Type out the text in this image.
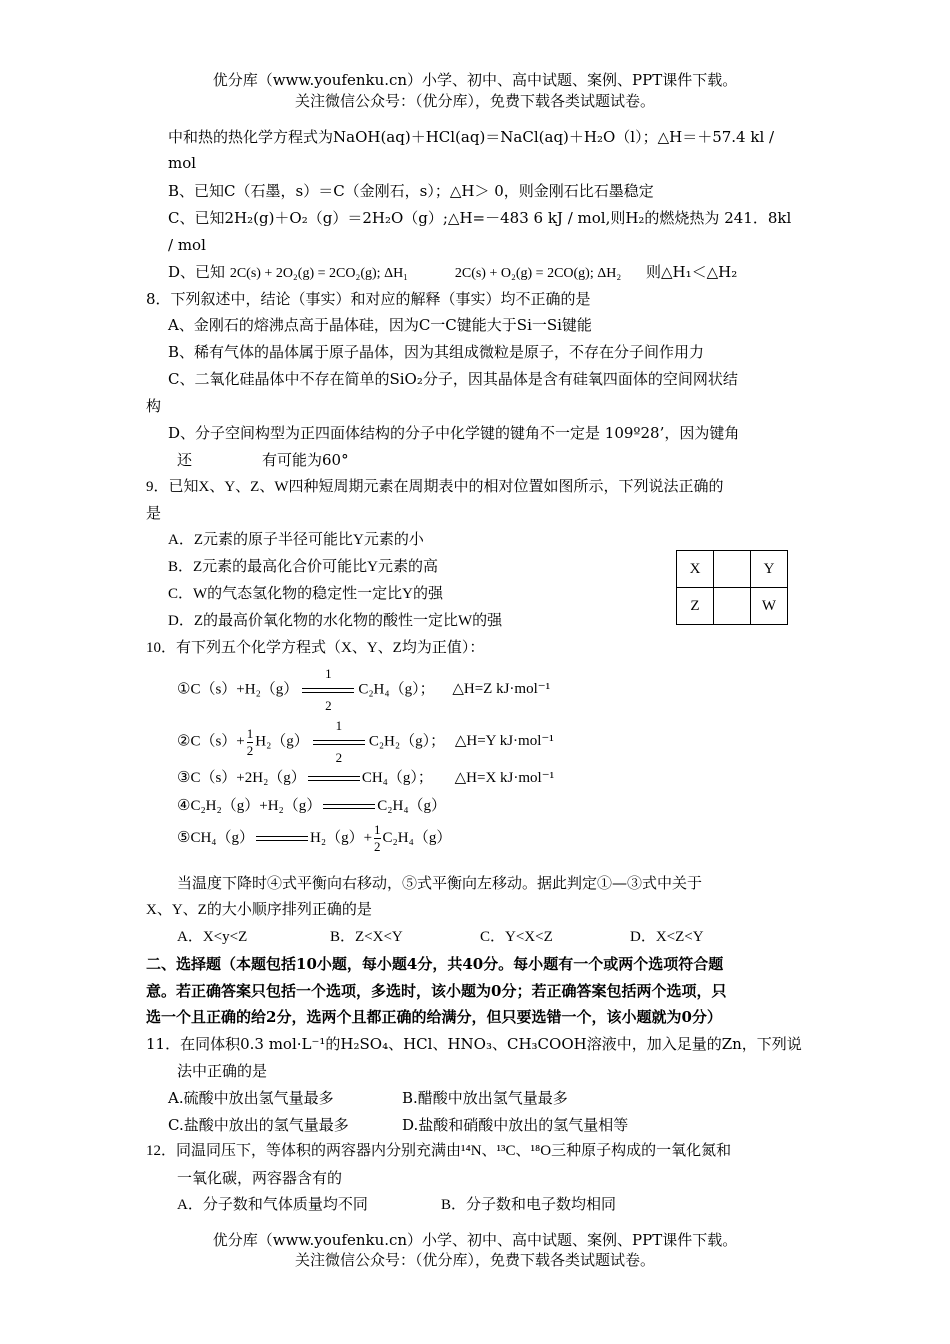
优分库（www.youfenku.cn）小学、初中、高中试题、案例、PPT课件下载。
关注微信公众号：（优分库），免费下载各类试题试卷。
中和热的热化学方程式为NaOH(aq)＋HCl(aq)＝NaCl(aq)＋H₂O（l）；△H＝＋57.4 kl /
mol
B、已知C（石墨，s）＝C（金刚石，s）；△H＞ 0，则金刚石比石墨稳定
C、已知2H₂(g)＋O₂（g）＝2H₂O（g）;△H=－483 6 kJ / mol,则H₂的燃烧热为 241．8kl
/ mol
D、已知 2C(s) + 2O₂(g) = 2CO₂(g); ΔH₁	2C(s) + O₂(g) = 2CO(g); ΔH₂ 则△H₁＜△H₂
8．下列叙述中，结论（事实）和对应的解释（事实）均不正确的是
A、金刚石的熔沸点高于晶体硅，因为C一C键能大于Si一Si键能
B、稀有气体的晶体属于原子晶体，因为其组成微粒是原子，不存在分子间作用力
C、二氧化硅晶体中不存在简单的SiO₂分子，因其晶体是含有硅氧四面体的空间网状结
构
D、分子空间构型为正四面体结构的分子中化学键的键角不一定是 109º28’，因为键角
还	有可能为60°
9．已知X、Y、Z、W四种短周期元素在周期表中的相对位置如图所示，下列说法正确的
是
A．Z元素的原子半径可能比Y元素的小
B．Z元素的最高化合价可能比Y元素的高
C．W的气态氢化物的稳定性一定比Y的强
D．Z的最高价氧化物的水化物的酸性一定比W的强
X		Y
Z		W
10．有下列五个化学方程式（X、Y、Z均为正值）：
①C（s）+H₂（g）
1
2
C₂H₄（g）； △H=Z kJ·mol⁻¹
②C（s）+ $\frac{1}{2} H_2(g)$
1
2
C₂H₂（g）； △H=Y kJ·mol⁻¹
③C（s）+2H₂（g）	CH₄（g）； △H=X kJ·mol⁻¹
④C₂H₂（g）+H₂（g）	C₂H₄（g）
⑤CH₄（g）	$H_2(g)+ \frac{1}{2} C_2H_4(g)$
当温度下降时④式平衡向右移动，⑤式平衡向左移动。据此判定①—③式中关于
X、Y、Z的大小顺序排列正确的是
A．X<y<Z	B．Z<X<Y	C．Y<X<Z	D．X<Z<Y
二、选择题（本题包括10小题，每小题4分，共40分。每小题有一个或两个选项符合题
意。若正确答案只包括一个选项，多选时，该小题为0分；若正确答案包括两个选项，只
选一个且正确的给2分，选两个且都正确的给满分，但只要选错一个，该小题就为0分）
11．在同体积0.3 mol·L⁻¹的H₂SO₄、HCl、HNO₃、CH₃COOH溶液中，加入足量的Zn，下列说
法中正确的是
A.硫酸中放出氢气量最多	B.醋酸中放出氢气量最多
C.盐酸中放出的氢气量最多	D.盐酸和硝酸中放出的氢气量相等
12．同温同压下，等体积的两容器内分别充满由¹⁴N、¹³C、¹⁸O三种原子构成的一氧化氮和
一氧化碳，两容器含有的
A．分子数和气体质量均不同	B．分子数和电子数均相同
优分库（www.youfenku.cn）小学、初中、高中试题、案例、PPT课件下载。
关注微信公众号：（优分库），免费下载各类试题试卷。
